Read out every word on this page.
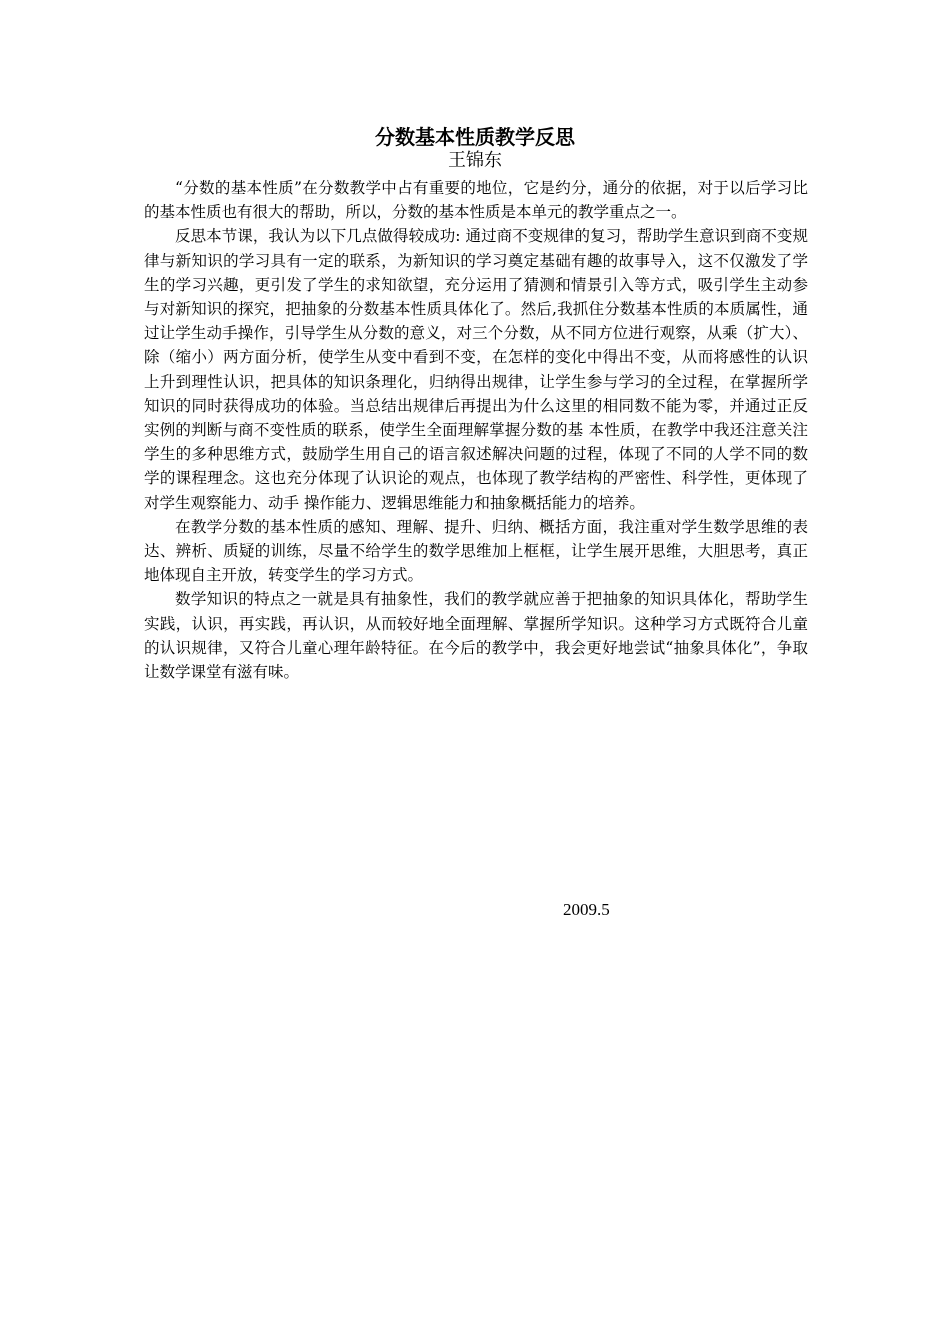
分数基本性质教学反思
王锦东

“分数的基本性质”在分数教学中占有重要的地位，它是约分，通分的依据，对于以后学习比的基本性质也有很大的帮助，所以，分数的基本性质是本单元的教学重点之一。

反思本节课，我认为以下几点做得较成功: 通过商不变规律的复习，帮助学生意识到商不变规律与新知识的学习具有一定的联系，为新知识的学习奠定基础有趣的故事导入，这不仅激发了学生的学习兴趣，更引发了学生的求知欲望，充分运用了猜测和情景引入等方式，吸引学生主动参与对新知识的探究，把抽象的分数基本性质具体化了。然后,我抓住分数基本性质的本质属性，通过让学生动手操作，引导学生从分数的意义，对三个分数，从不同方位进行观察，从乘（扩大）、除（缩小）两方面分析，使学生从变中看到不变，在怎样的变化中得出不变，从而将感性的认识上升到理性认识，把具体的知识条理化，归纳得出规律，让学生参与学习的全过程，在掌握所学知识的同时获得成功的体验。当总结出规律后再提出为什么这里的相同数不能为零，并通过正反实例的判断与商不变性质的联系，使学生全面理解掌握分数的基 本性质，在教学中我还注意关注学生的多种思维方式，鼓励学生用自己的语言叙述解决问题的过程，体现了不同的人学不同的数学的课程理念。这也充分体现了认识论的观点，也体现了教学结构的严密性、科学性，更体现了对学生观察能力、动手 操作能力、逻辑思维能力和抽象概括能力的培养。

在教学分数的基本性质的感知、理解、提升、归纳、概括方面，我注重对学生数学思维的表达、辨析、质疑的训练，尽量不给学生的数学思维加上框框，让学生展开思维，大胆思考，真正地体现自主开放，转变学生的学习方式。

数学知识的特点之一就是具有抽象性，我们的教学就应善于把抽象的知识具体化，帮助学生实践，认识，再实践，再认识，从而较好地全面理解、掌握所学知识。这种学习方式既符合儿童的认识规律，又符合儿童心理年龄特征。在今后的教学中，我会更好地尝试“抽象具体化”，争取让数学课堂有滋有味。

2009.5
